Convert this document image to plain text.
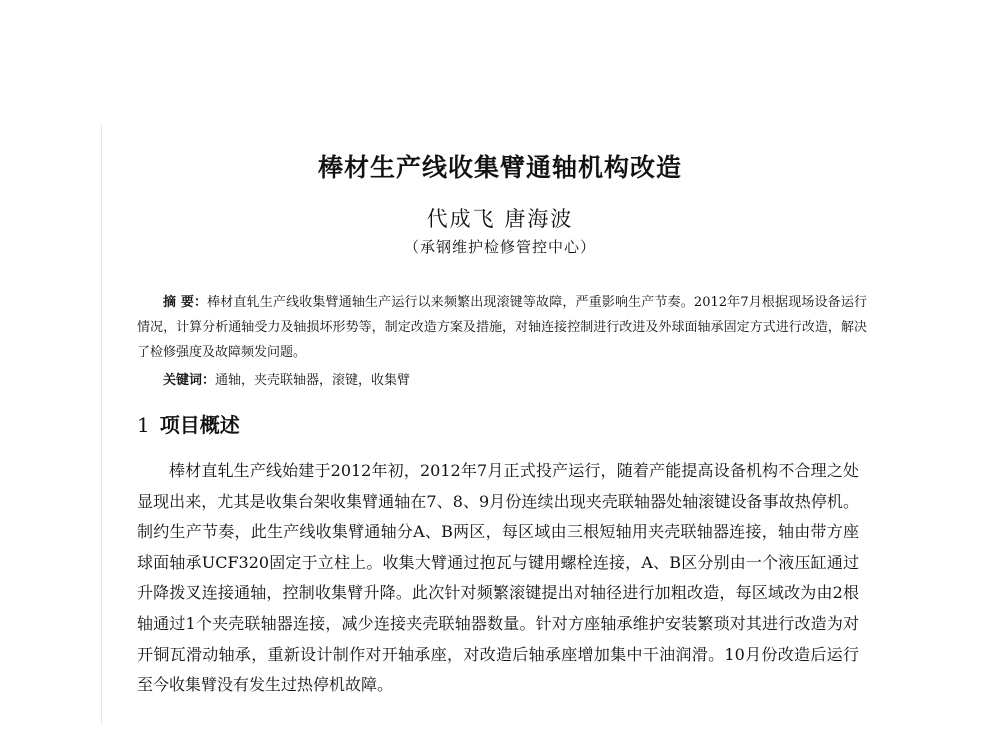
棒材生产线收集臂通轴机构改造
代成飞 唐海波
（承钢维护检修管控中心）

摘 要：棒材直轧生产线收集臂通轴生产运行以来频繁出现滚键等故障，严重影响生产节奏。2012年7月根据现场设备运行情况，计算分析通轴受力及轴损坏形势等，制定改造方案及措施，对轴连接控制进行改进及外球面轴承固定方式进行改造，解决了检修强度及故障频发问题。

关键词：通轴，夹壳联轴器，滚键，收集臂
1 项目概述

棒材直轧生产线始建于2012年初，2012年7月正式投产运行，随着产能提高设备机构不合理之处显现出来，尤其是收集台架收集臂通轴在7、8、9月份连续出现夹壳联轴器处轴滚键设备事故热停机。制约生产节奏，此生产线收集臂通轴分A、B两区，每区域由三根短轴用夹壳联轴器连接，轴由带方座球面轴承UCF320固定于立柱上。收集大臂通过抱瓦与键用螺栓连接，A、B区分别由一个液压缸通过升降拨叉连接通轴，控制收集臂升降。此次针对频繁滚键提出对轴径进行加粗改造，每区域改为由2根轴通过1个夹壳联轴器连接，减少连接夹壳联轴器数量。针对方座轴承维护安装繁琐对其进行改造为对开铜瓦滑动轴承，重新设计制作对开轴承座，对改造后轴承座增加集中干油润滑。10月份改造后运行至今收集臂没有发生过热停机故障。
